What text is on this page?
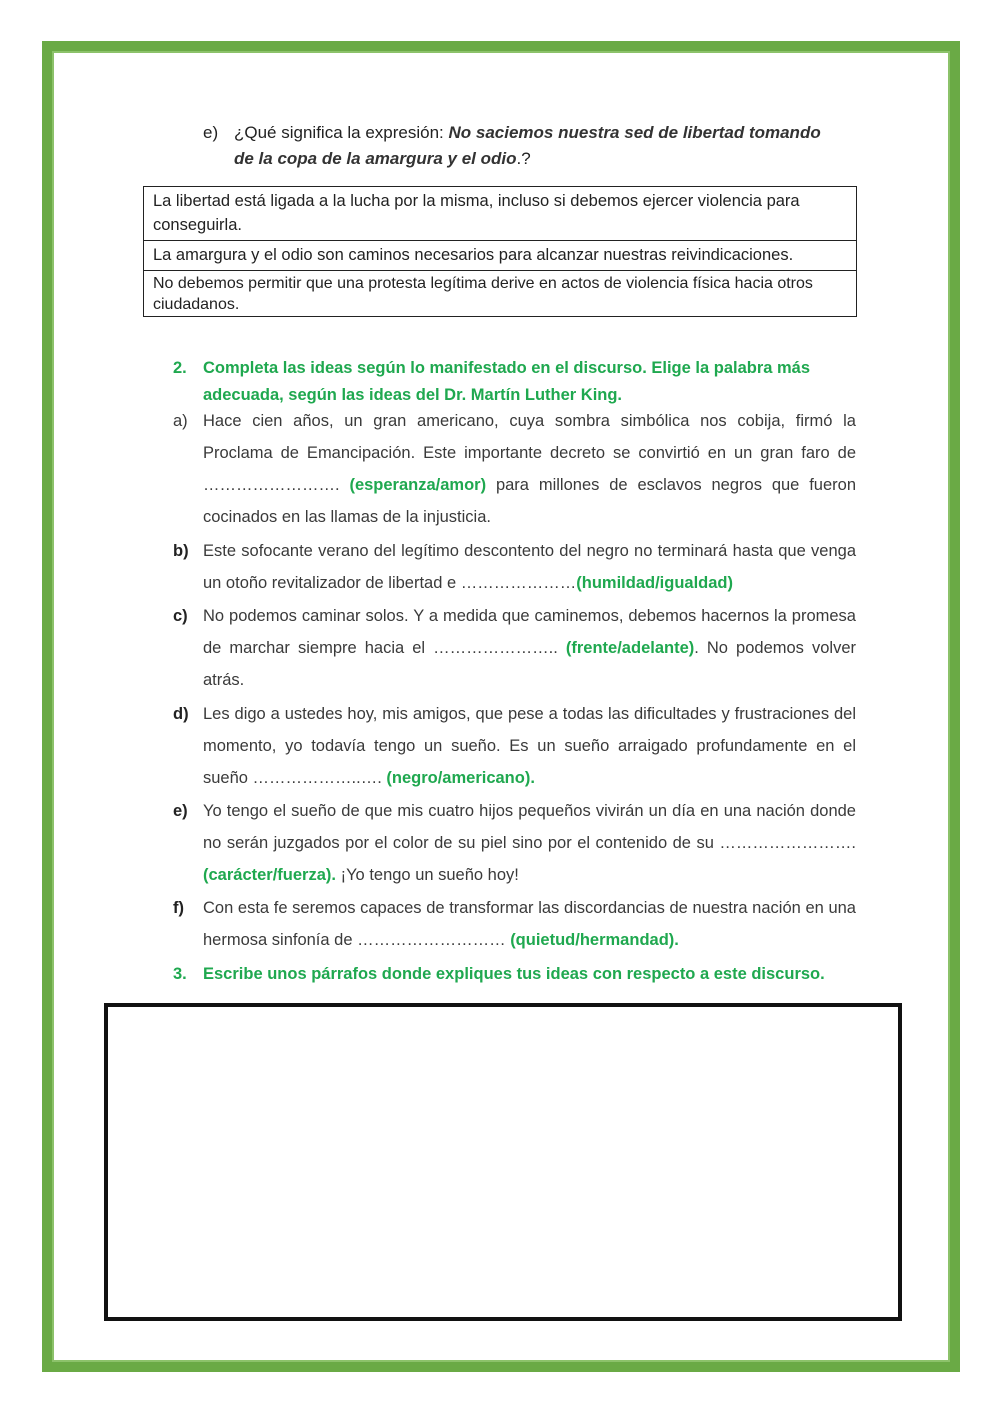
e) ¿Qué significa la expresión: No saciemos nuestra sed de libertad tomando de la copa de la amargura y el odio.?
La libertad está ligada a la lucha por la misma, incluso si debemos ejercer violencia para conseguirla.
La amargura y el odio son caminos necesarios para alcanzar nuestras reivindicaciones.
No debemos permitir que una protesta legítima derive en actos de violencia física hacia otros ciudadanos.
2. Completa las ideas según lo manifestado en el discurso. Elige la palabra más adecuada, según las ideas del Dr. Martín Luther King.
a) Hace cien años, un gran americano, cuya sombra simbólica nos cobija, firmó la Proclama de Emancipación. Este importante decreto se convirtió en un gran faro de ……………………. (esperanza/amor) para millones de esclavos negros que fueron cocinados en las llamas de la injusticia.
b) Este sofocante verano del legítimo descontento del negro no terminará hasta que venga un otoño revitalizador de libertad e …………………(humildad/igualdad)
c) No podemos caminar solos. Y a medida que caminemos, debemos hacernos la promesa de marchar siempre hacia el ………………….. (frente/adelante). No podemos volver atrás.
d) Les digo a ustedes hoy, mis amigos, que pese a todas las dificultades y frustraciones del momento, yo todavía tengo un sueño. Es un sueño arraigado profundamente en el sueño ………………..…. (negro/americano).
e) Yo tengo el sueño de que mis cuatro hijos pequeños vivirán un día en una nación donde no serán juzgados por el color de su piel sino por el contenido de su …………………….(carácter/fuerza). ¡Yo tengo un sueño hoy!
f) Con esta fe seremos capaces de transformar las discordancias de nuestra nación en una hermosa sinfonía de ……………………… (quietud/hermandad).
3. Escribe unos párrafos donde expliques tus ideas con respecto a este discurso.
